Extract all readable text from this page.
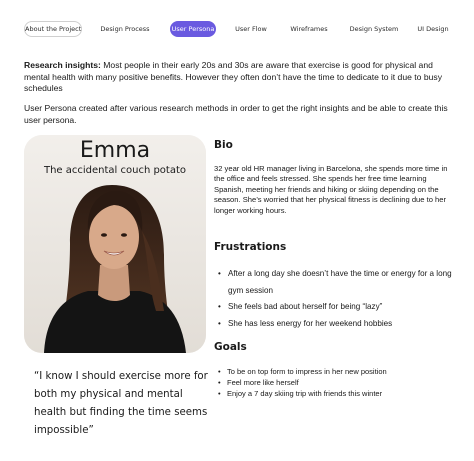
About the Project	Design Process	User Persona	User Flow	Wireframes	Design System	UI Design

Research insights: Most people in their early 20s and 30s are aware that exercise is good for physical and mental health with many positive benefits. However they often don’t have the time to dedicate to it due to busy schedules

User Persona created after various research methods in order to get the right insights and be able to create this user persona.

Emma
The accidental couch potato

“I know I should exercise more for both my physical and mental health but finding the time seems impossible”

Bio

32 year old HR manager living in Barcelona, she spends more time in the office and feels stressed. She spends her free time learning Spanish, meeting her friends and hiking or skiing depending on the season. She’s worried that her physical fitness is declining due to her longer working hours.

Frustrations
• After a long day she doesn’t have the time or energy for a long gym session
• She feels bad about herself for being “lazy”
• She has less energy for her weekend hobbies
Goals
• To be on top form to impress in her new position
• Feel more like herself
• Enjoy a 7 day skiing trip with friends this winter
